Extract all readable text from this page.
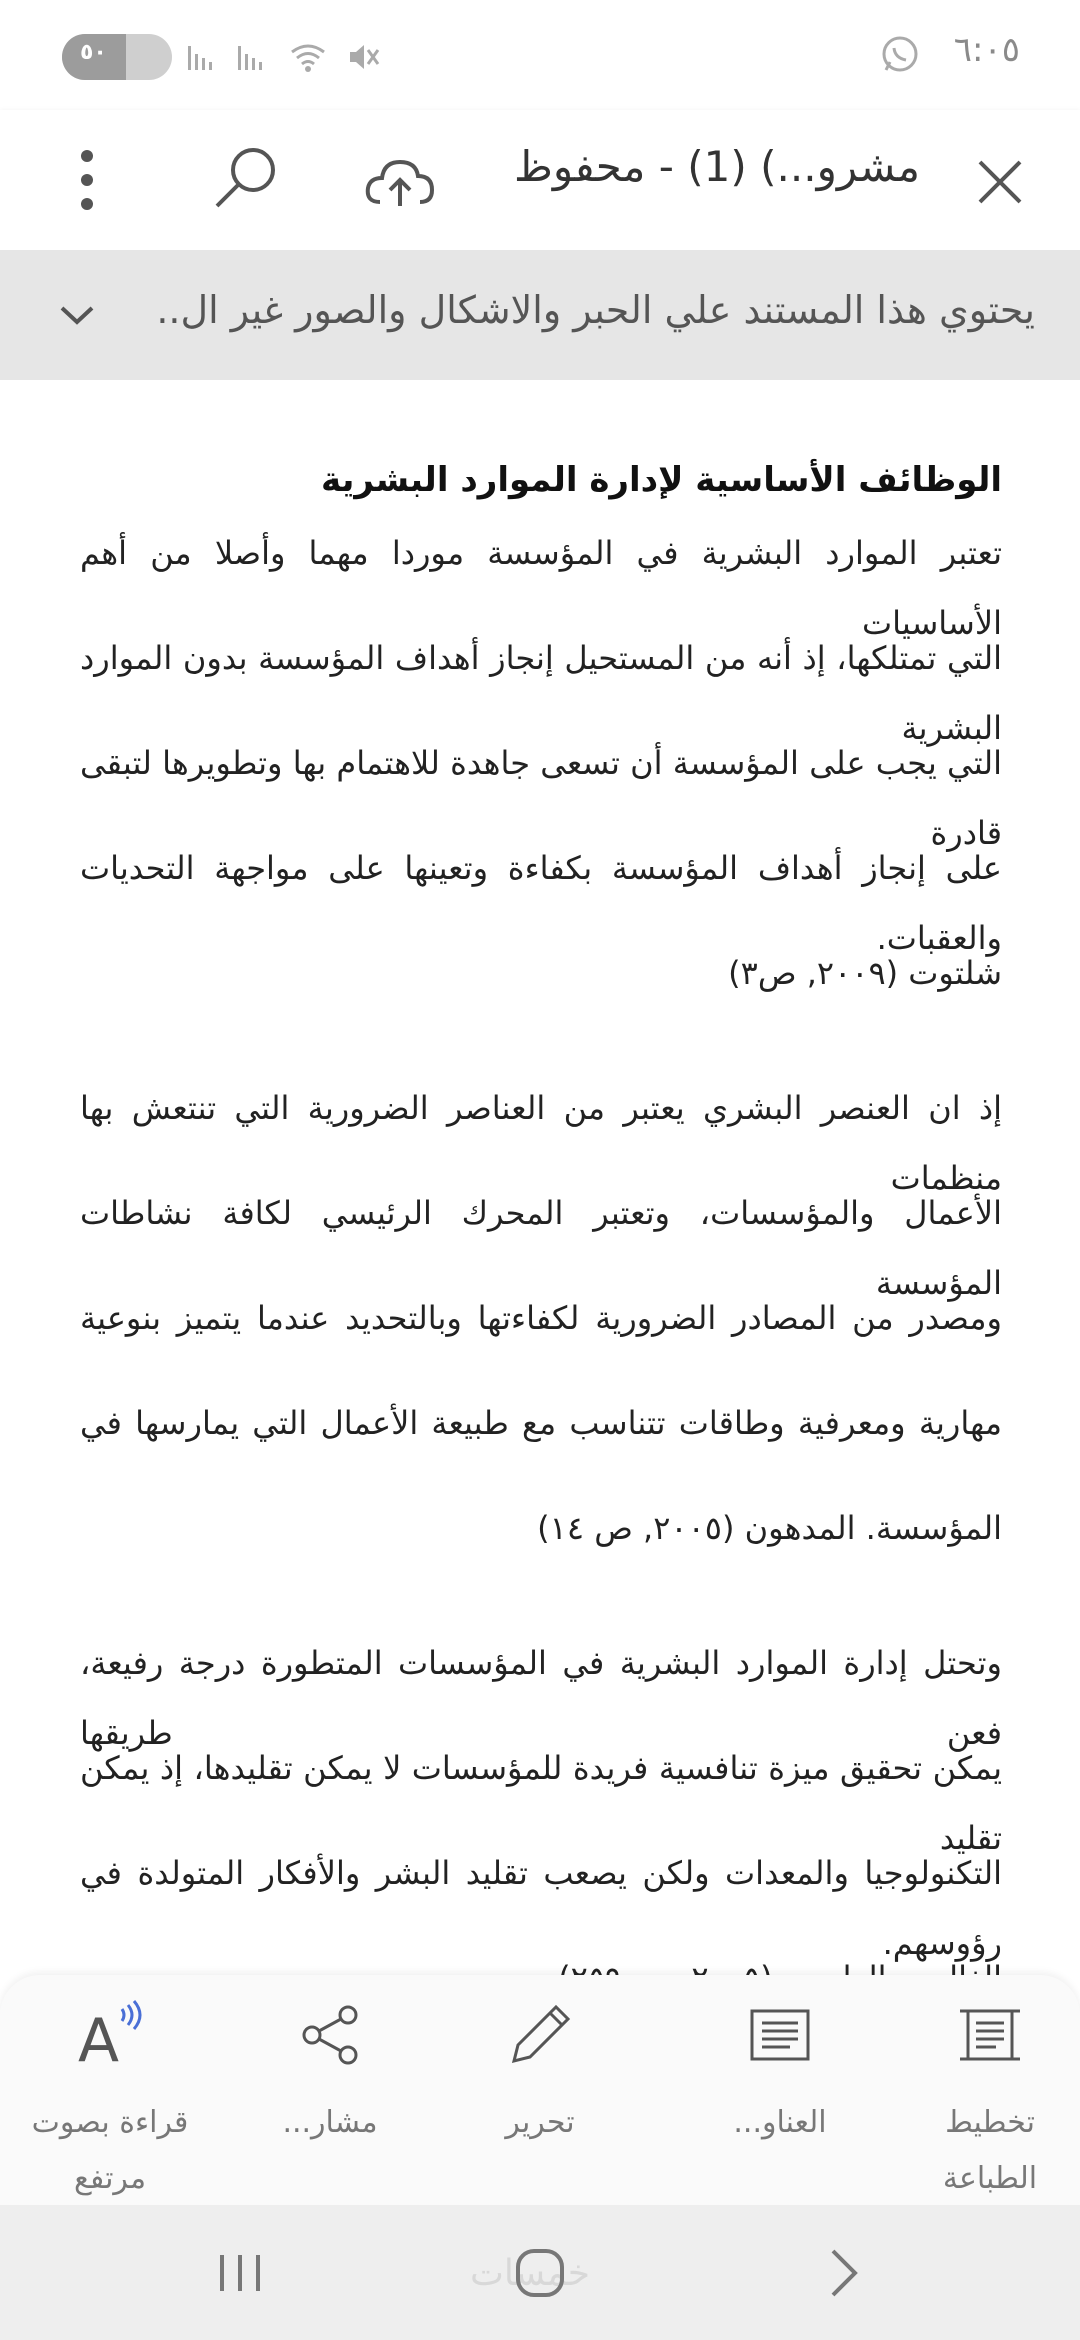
٥٠	٦:٠٥
مشرو...) (1) - محفوظ
يحتوي هذا المستند علي الحبر والاشكال والصور غير ال..
الوظائف الأساسية لإدارة الموارد البشرية
تعتبر الموارد البشرية في المؤسسة موردا مهما وأصلا من أهم الأساسيات
التي تمتلكها، إذ أنه من المستحيل إنجاز أهداف المؤسسة بدون الموارد البشرية
التي يجب على المؤسسة أن تسعى جاهدة للاهتمام بها وتطويرها لتبقى قادرة
على إنجاز أهداف المؤسسة بكفاءة وتعينها على مواجهة التحديات والعقبات.
شلتوت (٢٠٠٩, ص٣)
إذ ان العنصر البشري يعتبر من العناصر الضرورية التي تنتعش بها منظمات
الأعمال والمؤسسات، وتعتبر المحرك الرئيسي لكافة نشاطات المؤسسة
ومصدر من المصادر الضرورية لكفاءتها وبالتحديد عندما يتميز بنوعية
مهارية ومعرفية وطاقات تتناسب مع طبيعة الأعمال التي يمارسها في
المؤسسة. المدهون (٢٠٠٥, ص ١٤)
وتحتل إدارة الموارد البشرية في المؤسسات المتطورة درجة رفيعة، فعن طريقها
يمكن تحقيق ميزة تنافسية فريدة للمؤسسات لا يمكن تقليدها، إذ يمكن تقليد
التكنولوجيا والمعدات ولكن يصعب تقليد البشر والأفكار المتولدة في رؤوسهم.
تخطيط الطباعة
العناو...
تحرير
مشار...
A
قراءة بصوت مرتفع
خمسات
